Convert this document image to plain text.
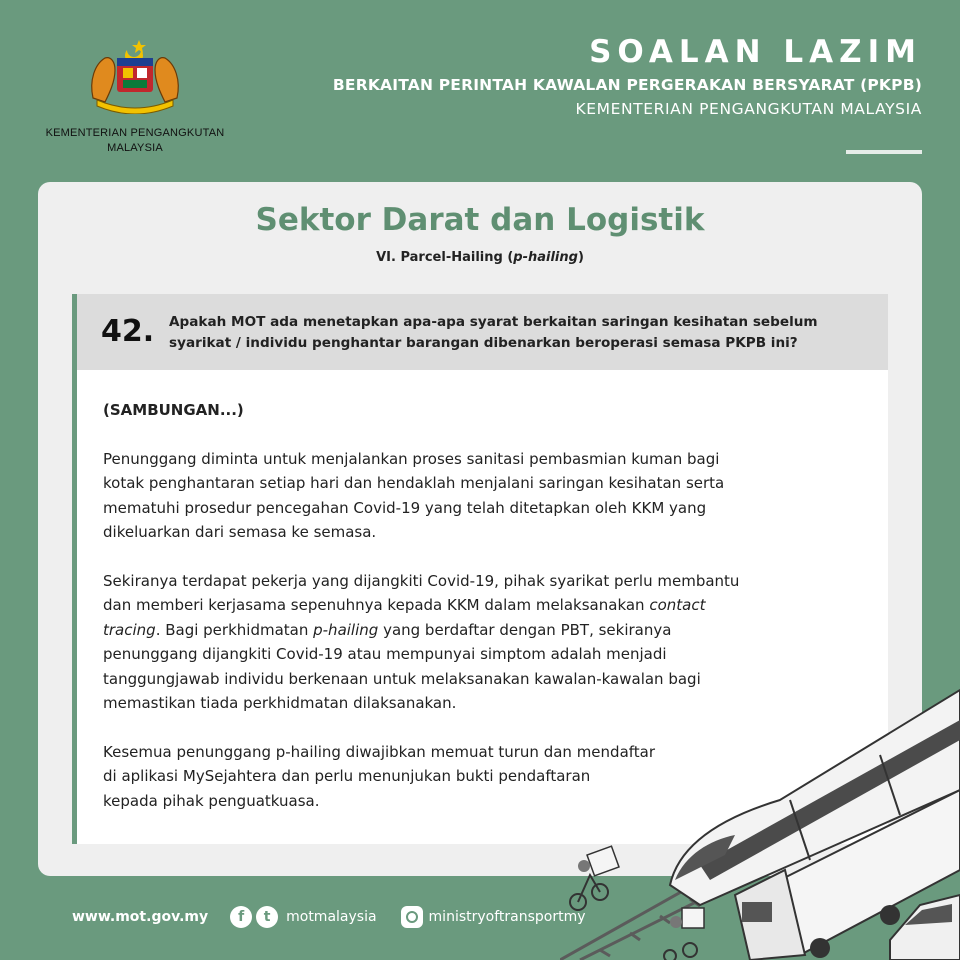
KEMENTERIAN PENGANGKUTAN
MALAYSIA
SOALAN LAZIM
BERKAITAN PERINTAH KAWALAN PERGERAKAN BERSYARAT (PKPB)
KEMENTERIAN PENGANGKUTAN MALAYSIA
Sektor Darat dan Logistik
VI. Parcel-Hailing (p-hailing)
42. Apakah MOT ada menetapkan apa-apa syarat berkaitan saringan kesihatan sebelum
syarikat / individu penghantar barangan dibenarkan beroperasi semasa PKPB ini?
(SAMBUNGAN...)
Penunggang diminta untuk menjalankan proses sanitasi pembasmian kuman bagi
kotak penghantaran setiap hari dan hendaklah menjalani saringan kesihatan serta
mematuhi prosedur pencegahan Covid-19 yang telah ditetapkan oleh KKM yang
dikeluarkan dari semasa ke semasa.
Sekiranya terdapat pekerja yang dijangkiti Covid-19, pihak syarikat perlu membantu
dan memberi kerjasama sepenuhnya kepada KKM dalam melaksanakan contact
tracing. Bagi perkhidmatan p-hailing yang berdaftar dengan PBT, sekiranya
penunggang dijangkiti Covid-19 atau mempunyai simptom adalah menjadi
tanggungjawab individu berkenaan untuk melaksanakan kawalan-kawalan bagi
memastikan tiada perkhidmatan dilaksanakan.
Kesemua penunggang p-hailing diwajibkan memuat turun dan mendaftar
di aplikasi MySejahtera dan perlu menunjukan bukti pendaftaran
kepada pihak penguatkuasa.
www.mot.gov.my	f	t	motmalaysia	ministryoftransportmy
